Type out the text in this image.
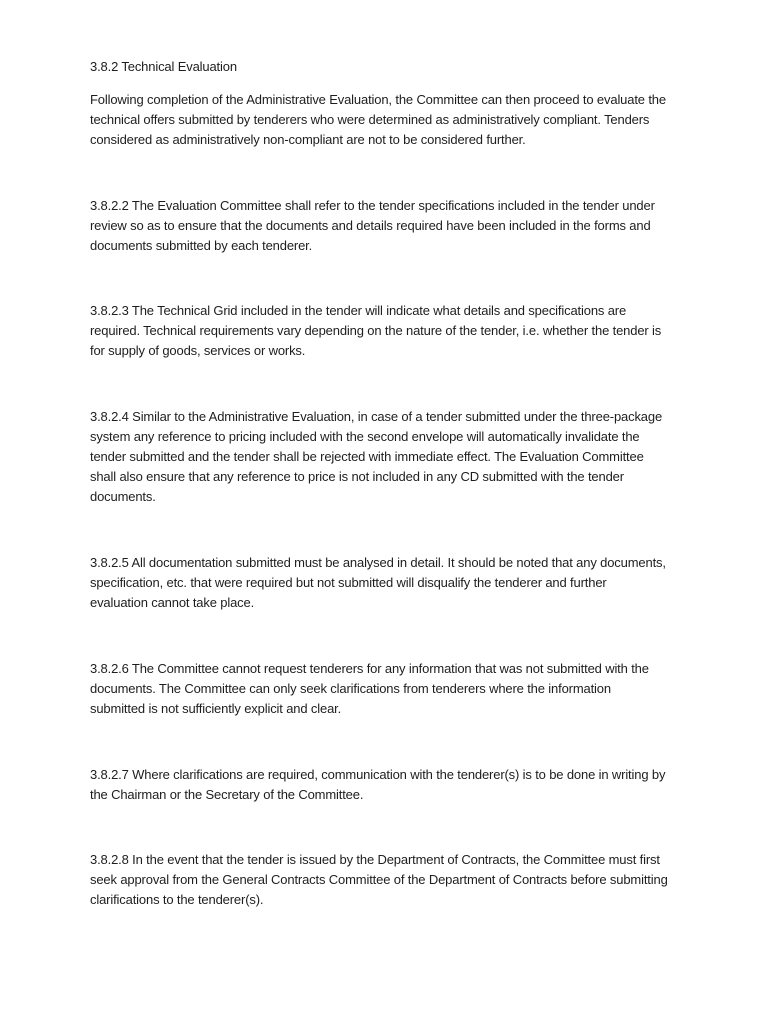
3.8.2 Technical Evaluation
Following completion of the Administrative Evaluation, the Committee can then proceed to evaluate the
technical offers submitted by tenderers who were determined as administratively compliant. Tenders
considered as administratively non-compliant are not to be considered further.
3.8.2.2 The Evaluation Committee shall refer to the tender specifications included in the tender under
review so as to ensure that the documents and details required have been included in the forms and
documents submitted by each tenderer.
3.8.2.3 The Technical Grid included in the tender will indicate what details and specifications are
required. Technical requirements vary depending on the nature of the tender, i.e. whether the tender is
for supply of goods, services or works.
3.8.2.4 Similar to the Administrative Evaluation, in case of a tender submitted under the three-package
system any reference to pricing included with the second envelope will automatically invalidate the
tender submitted and the tender shall be rejected with immediate effect. The Evaluation Committee
shall also ensure that any reference to price is not included in any CD submitted with the tender
documents.
3.8.2.5 All documentation submitted must be analysed in detail. It should be noted that any documents,
specification, etc. that were required but not submitted will disqualify the tenderer and further
evaluation cannot take place.
3.8.2.6 The Committee cannot request tenderers for any information that was not submitted with the
documents. The Committee can only seek clarifications from tenderers where the information
submitted is not sufficiently explicit and clear.
3.8.2.7 Where clarifications are required, communication with the tenderer(s) is to be done in writing by
the Chairman or the Secretary of the Committee.
3.8.2.8 In the event that the tender is issued by the Department of Contracts, the Committee must first
seek approval from the General Contracts Committee of the Department of Contracts before submitting
clarifications to the tenderer(s).
